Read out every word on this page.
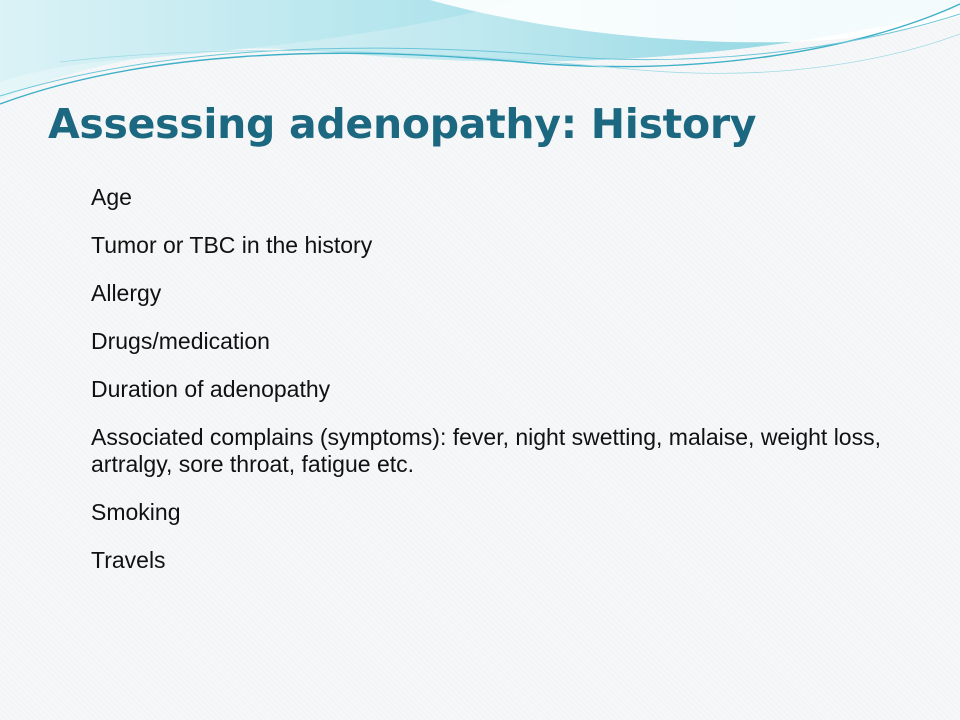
Assessing adenopathy: History
Age
Tumor or TBC in the history
Allergy
Drugs/medication
Duration of adenopathy
Associated complains (symptoms): fever, night swetting, malaise, weight loss, artralgy, sore throat, fatigue etc.
Smoking
Travels
